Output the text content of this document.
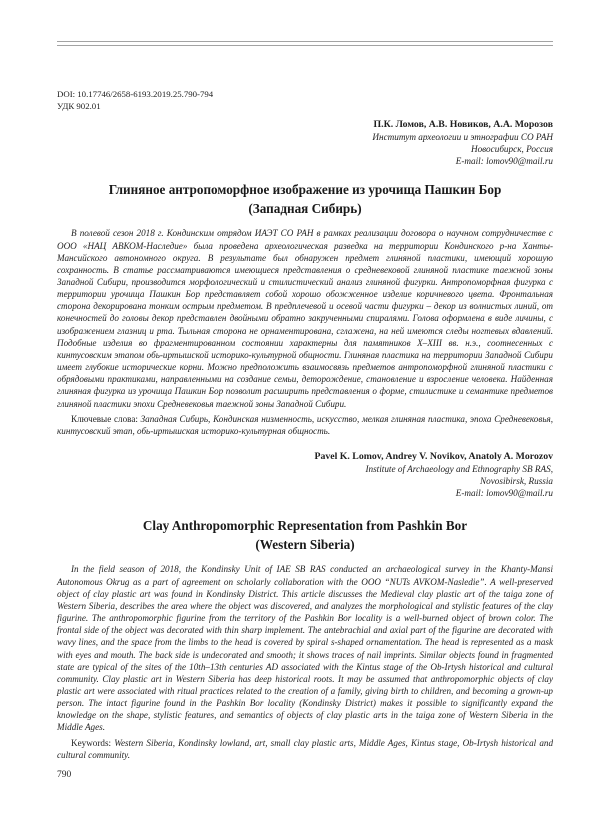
DOI: 10.17746/2658-6193.2019.25.790-794
УДК 902.01
П.К. Ломов, А.В. Новиков, А.А. Морозов
Институт археологии и этнографии СО РАН
Новосибирск, Россия
E-mail: lomov90@mail.ru
Глиняное антропоморфное изображение из урочища Пашкин Бор
(Западная Сибирь)

В полевой сезон 2018 г. Кондинским отрядом ИАЭТ СО РАН в рамках реализации договора о научном сотрудничестве с ООО «НАЦ АВКОМ-Наследие» была проведена археологическая разведка на территории Кондинского р-на Ханты-Мансийского автономного округа. В результате был обнаружен предмет глиняной пластики, имеющий хорошую сохранность. В статье рассматриваются имеющиеся представления о средневековой глиняной пластике таежной зоны Западной Сибири, производится морфологический и стилистический анализ глиняной фигурки. Антропоморфная фигурка с территории урочища Пашкин Бор представляет собой хорошо обожженное изделие коричневого цвета. Фронтальная сторона декорирована тонким острым предметом. В предплечевой и осевой части фигурки – декор из волнистых линий, от конечностей до головы декор представлен двойными обратно закрученными спиралями. Голова оформлена в виде личины, с изображением глазниц и рта. Тыльная сторона не орнаментирована, сглажена, на ней имеются следы ногтевых вдавлений. Подобные изделия во фрагментированном состоянии характерны для памятников X–XIII вв. н.э., соотнесенных с кинтусовским этапом обь-иртышской историко-культурной общности. Глиняная пластика на территории Западной Сибири имеет глубокие исторические корни. Можно предположить взаимосвязь предметов антропоморфной глиняной пластики с обрядовыми практиками, направленными на создание семьи, деторождение, становление и взросление человека. Найденная глиняная фигурка из урочища Пашкин Бор позволит расширить представления о форме, стилистике и семантике предметов глиняной пластики эпохи Средневековья таежной зоны Западной Сибири.

Ключевые слова: Западная Сибирь, Кондинская низменность, искусство, мелкая глиняная пластика, эпоха Средневековья, кинтусовский этап, обь-иртышская историко-культурная общность.

Pavel K. Lomov, Andrey V. Novikov, Anatoly A. Morozov
Institute of Archaeology and Ethnography SB RAS,
Novosibirsk, Russia
E-mail: lomov90@mail.ru
Clay Anthropomorphic Representation from Pashkin Bor
(Western Siberia)

In the field season of 2018, the Kondinsky Unit of IAE SB RAS conducted an archaeological survey in the Khanty-Mansi Autonomous Okrug as a part of agreement on scholarly collaboration with the OOO “NUTs AVKOM-Nasledie”. A well-preserved object of clay plastic art was found in Kondinsky District. This article discusses the Medieval clay plastic art of the taiga zone of Western Siberia, describes the area where the object was discovered, and analyzes the morphological and stylistic features of the clay figurine. The anthropomorphic figurine from the territory of the Pashkin Bor locality is a well-burned object of brown color. The frontal side of the object was decorated with thin sharp implement. The antebrachial and axial part of the figurine are decorated with wavy lines, and the space from the limbs to the head is covered by spiral s-shaped ornamentation. The head is represented as a mask with eyes and mouth. The back side is undecorated and smooth; it shows traces of nail imprints. Similar objects found in fragmented state are typical of the sites of the 10th–13th centuries AD associated with the Kintus stage of the Ob-Irtysh historical and cultural community. Clay plastic art in Western Siberia has deep historical roots. It may be assumed that anthropomorphic objects of clay plastic art were associated with ritual practices related to the creation of a family, giving birth to children, and becoming a grown-up person. The intact figurine found in the Pashkin Bor locality (Kondinsky District) makes it possible to significantly expand the knowledge on the shape, stylistic features, and semantics of objects of clay plastic arts in the taiga zone of Western Siberia in the Middle Ages.

Keywords: Western Siberia, Kondinsky lowland, art, small clay plastic arts, Middle Ages, Kintus stage, Ob-Irtysh historical and cultural community.

790
